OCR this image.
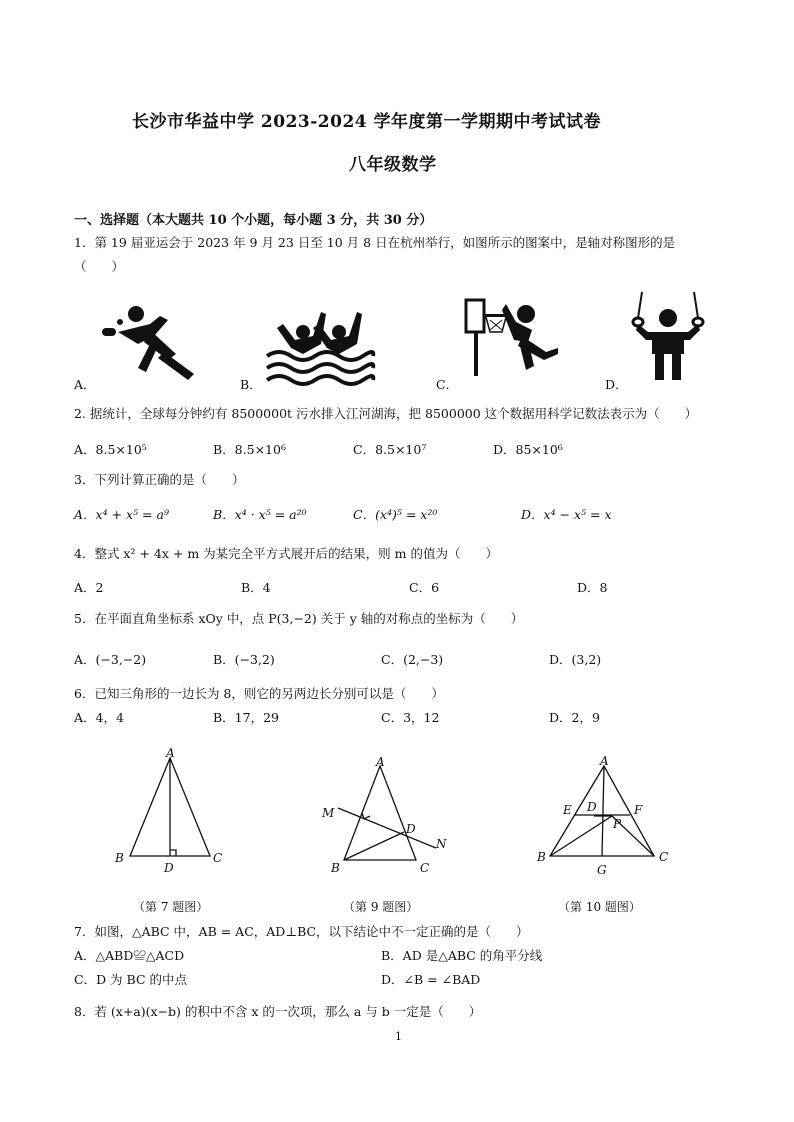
长沙市华益中学 2023-2024 学年度第一学期期中考试试卷
八年级数学
一、选择题（本大题共 10 个小题，每小题 3 分，共 30 分）
1．第 19 届亚运会于 2023 年 9 月 23 日至 10 月 8 日在杭州举行，如图所示的图案中，是轴对称图形的是
（　　）
A．	B．	C．	D．
2. 据统计，全球每分钟约有 8500000t 污水排入江河湖海，把 8500000 这个数据用科学记数法表示为（　　）
A．8.5×10⁵	B．8.5×10⁶	C．8.5×10⁷	D．85×10⁶
3．下列计算正确的是（　　）
A．x⁴ + x⁵ = a⁹	B．x⁴ · x⁵ = a²⁰	C．(x⁴)⁵ = x²⁰	D．x⁴ − x⁵ = x
4．整式 x² + 4x + m 为某完全平方式展开后的结果，则 m 的值为（　　）
A．2	B．4	C．6	D．8
5．在平面直角坐标系 xOy 中，点 P(3,−2) 关于 y 轴的对称点的坐标为（　　）
A．(−3,−2)	B．(−3,2)	C．(2,−3)	D．(3,2)
6．已知三角形的一边长为 8，则它的另两边长分别可以是（　　）
A．4，4	B．17，29	C．3，12	D．2，9
A
B
D
C
（第 7 题图）
A
M
D
N
B	C
（第 9 题图）
A
E D	F
P
B
G
C
（第 10 题图）
7．如图，△ABC 中，AB = AC，AD⊥BC，以下结论中不一定正确的是（　　）
A．△ABD≌△ACD	B．AD 是△ABC 的角平分线
C．D 为 BC 的中点	D．∠B = ∠BAD
8．若 (x+a)(x−b) 的积中不含 x 的一次项，那么 a 与 b 一定是（　　）
1
